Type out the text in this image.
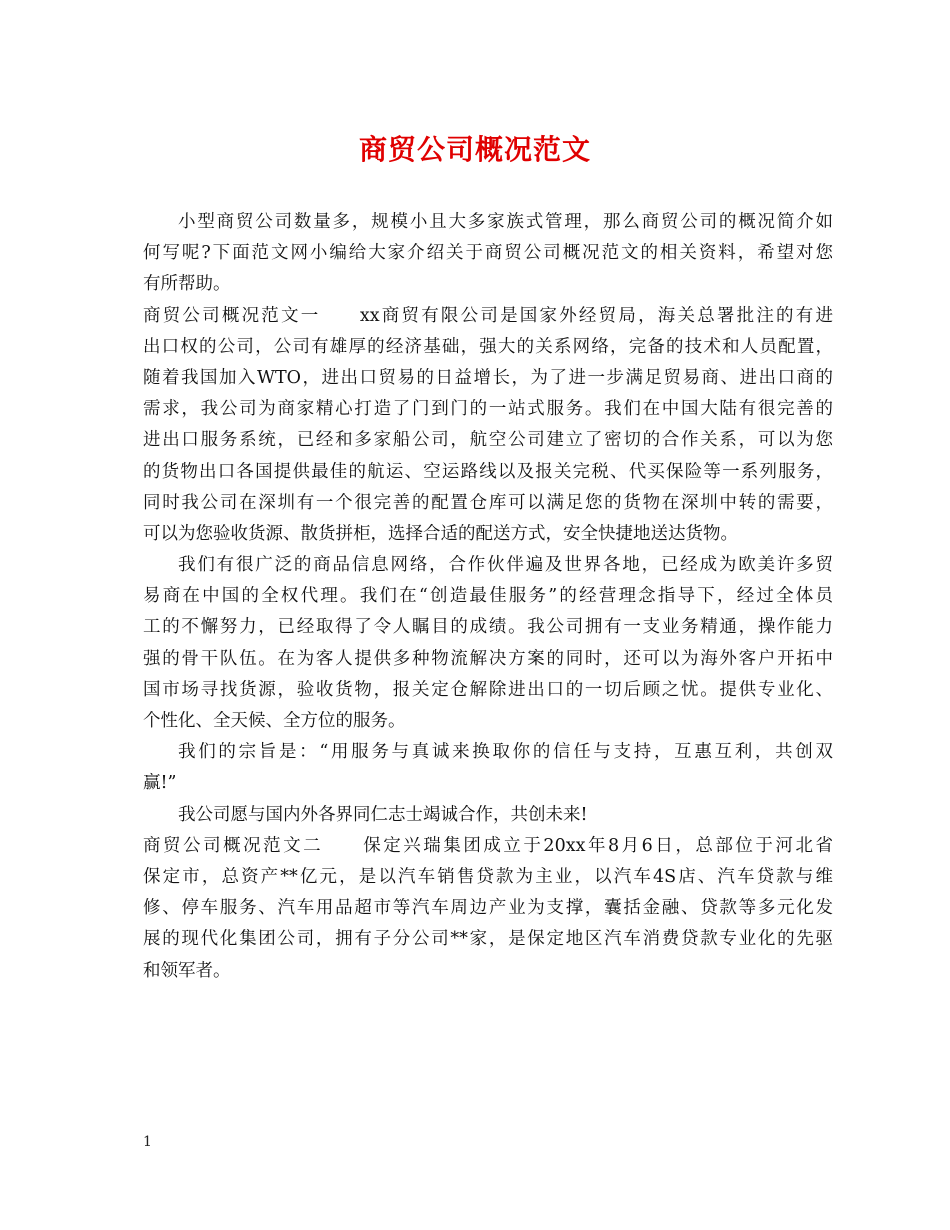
商贸公司概况范文
小型商贸公司数量多，规模小且大多家族式管理，那么商贸公司的概况简介如
何写呢?下面范文网小编给大家介绍关于商贸公司概况范文的相关资料，希望对您
有所帮助。
商贸公司概况范文一　　xx商贸有限公司是国家外经贸局，海关总署批注的有进
出口权的公司，公司有雄厚的经济基础，强大的关系网络，完备的技术和人员配置，
随着我国加入WTO，进出口贸易的日益增长，为了进一步满足贸易商、进出口商的
需求，我公司为商家精心打造了门到门的一站式服务。我们在中国大陆有很完善的
进出口服务系统，已经和多家船公司，航空公司建立了密切的合作关系，可以为您
的货物出口各国提供最佳的航运、空运路线以及报关完税、代买保险等一系列服务，
同时我公司在深圳有一个很完善的配置仓库可以满足您的货物在深圳中转的需要，
可以为您验收货源、散货拼柜，选择合适的配送方式，安全快捷地送达货物。
我们有很广泛的商品信息网络，合作伙伴遍及世界各地，已经成为欧美许多贸
易商在中国的全权代理。我们在“创造最佳服务”的经营理念指导下，经过全体员
工的不懈努力，已经取得了令人瞩目的成绩。我公司拥有一支业务精通，操作能力
强的骨干队伍。在为客人提供多种物流解决方案的同时，还可以为海外客户开拓中
国市场寻找货源，验收货物，报关定仓解除进出口的一切后顾之忧。提供专业化、
个性化、全天候、全方位的服务。
我们的宗旨是：“用服务与真诚来换取你的信任与支持，互惠互利，共创双
赢!”
我公司愿与国内外各界同仁志士竭诚合作，共创未来!
商贸公司概况范文二　　保定兴瑞集团成立于20xx年8月6日，总部位于河北省
保定市，总资产**亿元，是以汽车销售贷款为主业，以汽车4S店、汽车贷款与维
修、停车服务、汽车用品超市等汽车周边产业为支撑，囊括金融、贷款等多元化发
展的现代化集团公司，拥有子分公司**家，是保定地区汽车消费贷款专业化的先驱
和领军者。
1
